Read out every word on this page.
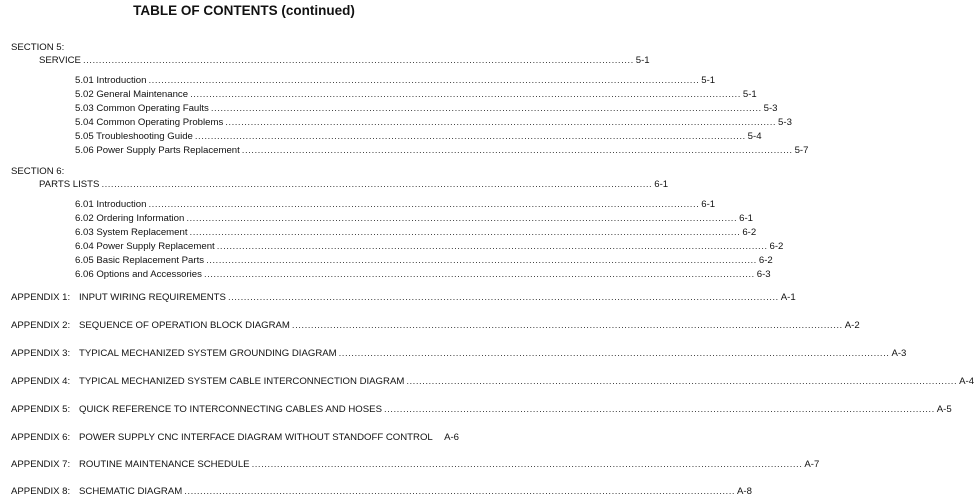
TABLE OF CONTENTS (continued)
SECTION 5:
SERVICE .............................................................................................................................................................................. 5-1
5.01 Introduction .............................................................................................................................................................................. 5-1
5.02 General Maintenance .............................................................................................................................................................................. 5-1
5.03 Common Operating Faults .............................................................................................................................................................................. 5-3
5.04 Common Operating Problems .............................................................................................................................................................................. 5-3
5.05 Troubleshooting Guide .............................................................................................................................................................................. 5-4
5.06 Power Supply Parts Replacement .............................................................................................................................................................................. 5-7
SECTION 6:
PARTS LISTS .............................................................................................................................................................................. 6-1
6.01 Introduction .............................................................................................................................................................................. 6-1
6.02 Ordering Information .............................................................................................................................................................................. 6-1
6.03 System Replacement .............................................................................................................................................................................. 6-2
6.04 Power Supply Replacement .............................................................................................................................................................................. 6-2
6.05 Basic Replacement Parts .............................................................................................................................................................................. 6-2
6.06 Options and Accessories .............................................................................................................................................................................. 6-3
APPENDIX 1: INPUT WIRING REQUIREMENTS .............................................................................................................................................................................. A-1
APPENDIX 2: SEQUENCE OF OPERATION BLOCK DIAGRAM .............................................................................................................................................................................. A-2
APPENDIX 3: TYPICAL MECHANIZED SYSTEM GROUNDING DIAGRAM .............................................................................................................................................................................. A-3
APPENDIX 4: TYPICAL MECHANIZED SYSTEM CABLE INTERCONNECTION DIAGRAM .............................................................................................................................................................................. A-4
APPENDIX 5: QUICK REFERENCE TO INTERCONNECTING CABLES AND HOSES .............................................................................................................................................................................. A-5
APPENDIX 6: POWER SUPPLY CNC INTERFACE DIAGRAM WITHOUT STANDOFF CONTROL A-6
APPENDIX 7: ROUTINE MAINTENANCE SCHEDULE .............................................................................................................................................................................. A-7
APPENDIX 8: SCHEMATIC DIAGRAM .............................................................................................................................................................................. A-8
